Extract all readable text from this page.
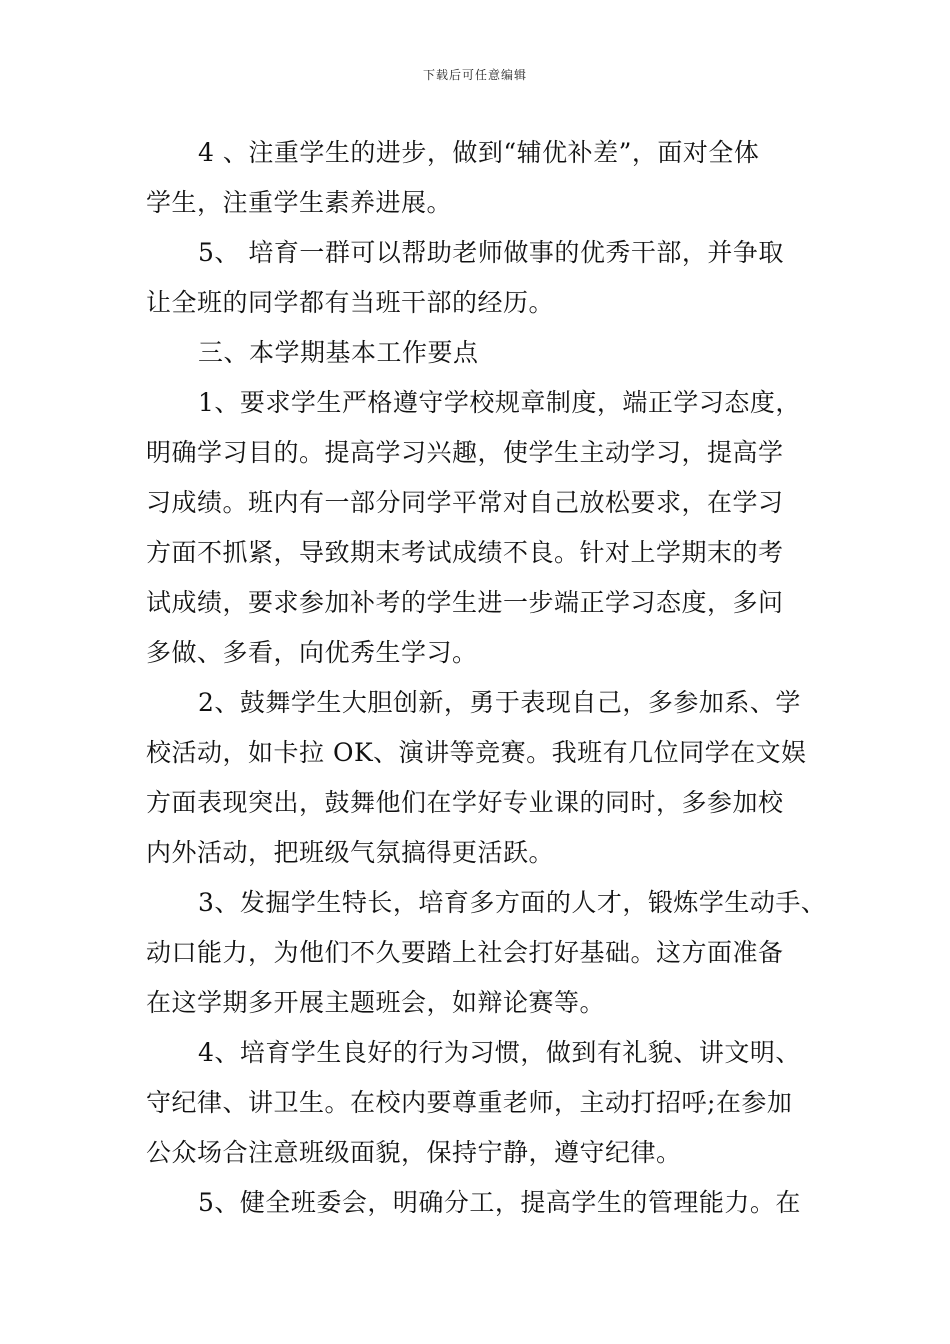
下载后可任意编辑
4 、注重学生的进步，做到“辅优补差”，面对全体
学生，注重学生素养进展。
5、 培育一群可以帮助老师做事的优秀干部，并争取
让全班的同学都有当班干部的经历。
三、本学期基本工作要点
1、要求学生严格遵守学校规章制度，端正学习态度，
明确学习目的。提高学习兴趣，使学生主动学习，提高学
习成绩。班内有一部分同学平常对自己放松要求，在学习
方面不抓紧，导致期末考试成绩不良。针对上学期末的考
试成绩，要求参加补考的学生进一步端正学习态度，多问
多做、多看，向优秀生学习。
2、鼓舞学生大胆创新，勇于表现自己，多参加系、学
校活动，如卡拉 OK、演讲等竞赛。我班有几位同学在文娱
方面表现突出，鼓舞他们在学好专业课的同时，多参加校
内外活动，把班级气氛搞得更活跃。
3、发掘学生特长，培育多方面的人才，锻炼学生动手、
动口能力，为他们不久要踏上社会打好基础。这方面准备
在这学期多开展主题班会，如辩论赛等。
4、培育学生良好的行为习惯，做到有礼貌、讲文明、
守纪律、讲卫生。在校内要尊重老师，主动打招呼;在参加
公众场合注意班级面貌，保持宁静，遵守纪律。
5、健全班委会，明确分工，提高学生的管理能力。在
